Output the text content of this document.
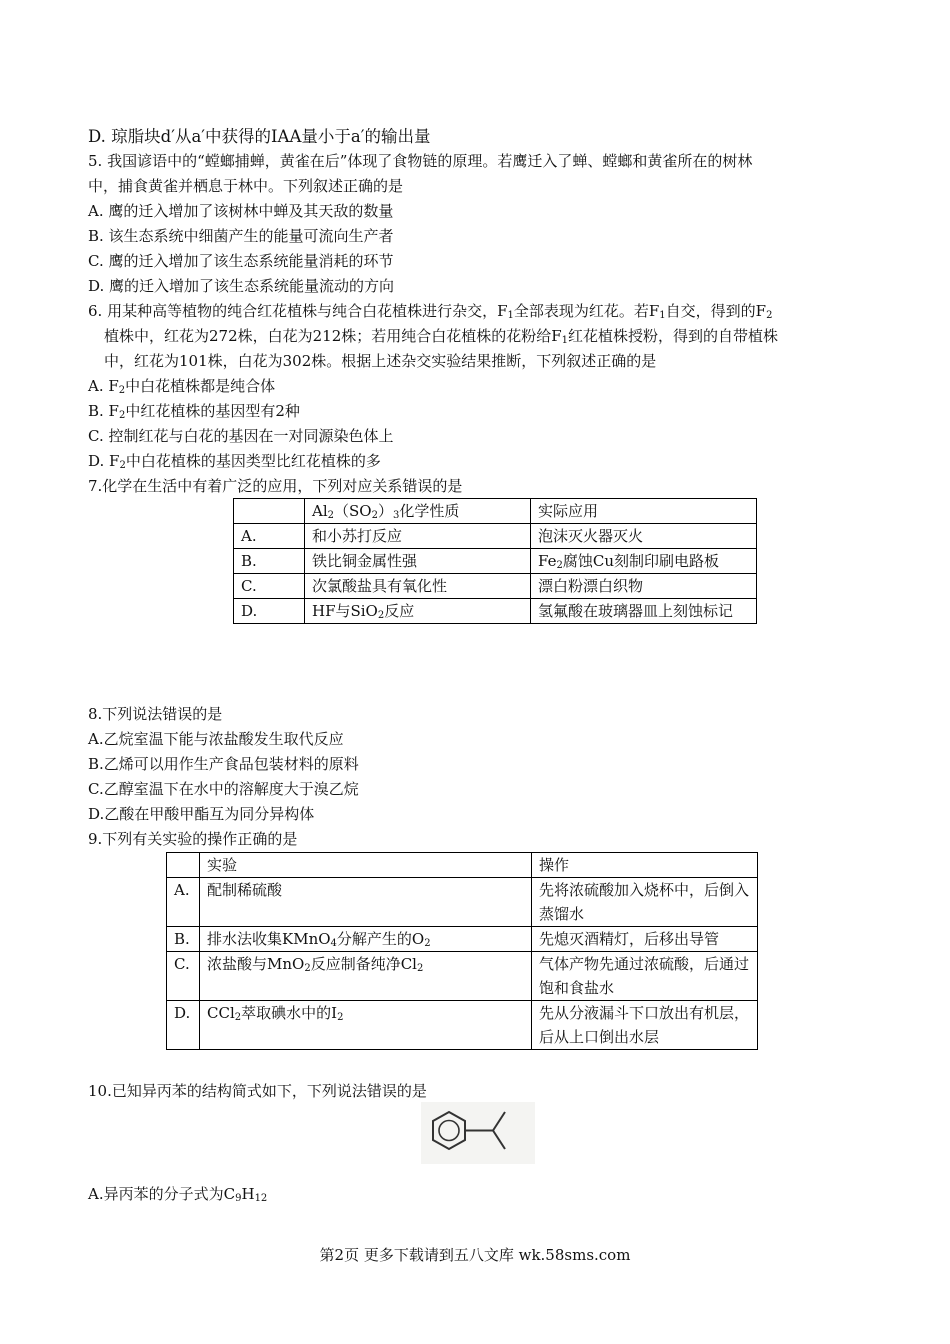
D. 琼脂块d′从a′中获得的IAA量小于a′的输出量
5. 我国谚语中的“螳螂捕蝉，黄雀在后”体现了食物链的原理。若鹰迁入了蝉、螳螂和黄雀所在的树林
中，捕食黄雀并栖息于林中。下列叙述正确的是
A. 鹰的迁入增加了该树林中蝉及其天敌的数量
B. 该生态系统中细菌产生的能量可流向生产者
C. 鹰的迁入增加了该生态系统能量消耗的环节
D. 鹰的迁入增加了该生态系统能量流动的方向
6. 用某种高等植物的纯合红花植株与纯合白花植株进行杂交，$F_1$全部表现为红花。若$F_1$自交，得到的$F_2$
植株中，红花为272株，白花为212株；若用纯合白花植株的花粉给$F_1$红花植株授粉，得到的自带植株
中，红花为101株，白花为302株。根据上述杂交实验结果推断，下列叙述正确的是
A. $F_2$中白花植株都是纯合体
B. $F_2$中红花植株的基因型有2种
C. 控制红花与白花的基因在一对同源染色体上
D. $F_2$中白花植株的基因类型比红花植株的多
7.化学在生活中有着广泛的应用，下列对应关系错误的是
	$Al_2(SO_2)_3$化学性质	实际应用
A.	和小苏打反应	泡沫灭火器灭火
B.	铁比铜金属性强	$Fe_2$腐蚀Cu刻制印刷电路板
C.	次氯酸盐具有氧化性	漂白粉漂白织物
D.	HF与SiO$_2$反应	氢氟酸在玻璃器皿上刻蚀标记
8.下列说法错误的是
A.乙烷室温下能与浓盐酸发生取代反应
B.乙烯可以用作生产食品包装材料的原料
C.乙醇室温下在水中的溶解度大于溴乙烷
D.乙酸在甲酸甲酯互为同分异构体
9.下列有关实验的操作正确的是
	实验	操作
A.	配制稀硫酸	先将浓硫酸加入烧杯中，后倒入蒸馏水
B.	排水法收集KMnO$_4$分解产生的$O_2$	先熄灭酒精灯，后移出导管
C.	浓盐酸与MnO$_2$反应制备纯净$Cl_2$	气体产物先通过浓硫酸，后通过饱和食盐水
D.	CCl$_2$萃取碘水中的$I_2$	先从分液漏斗下口放出有机层，后从上口倒出水层
10.已知异丙苯的结构简式如下，下列说法错误的是
A.异丙苯的分子式为$C_9H_{12}$
第2页 更多下载请到五八文库 wk.58sms.com
